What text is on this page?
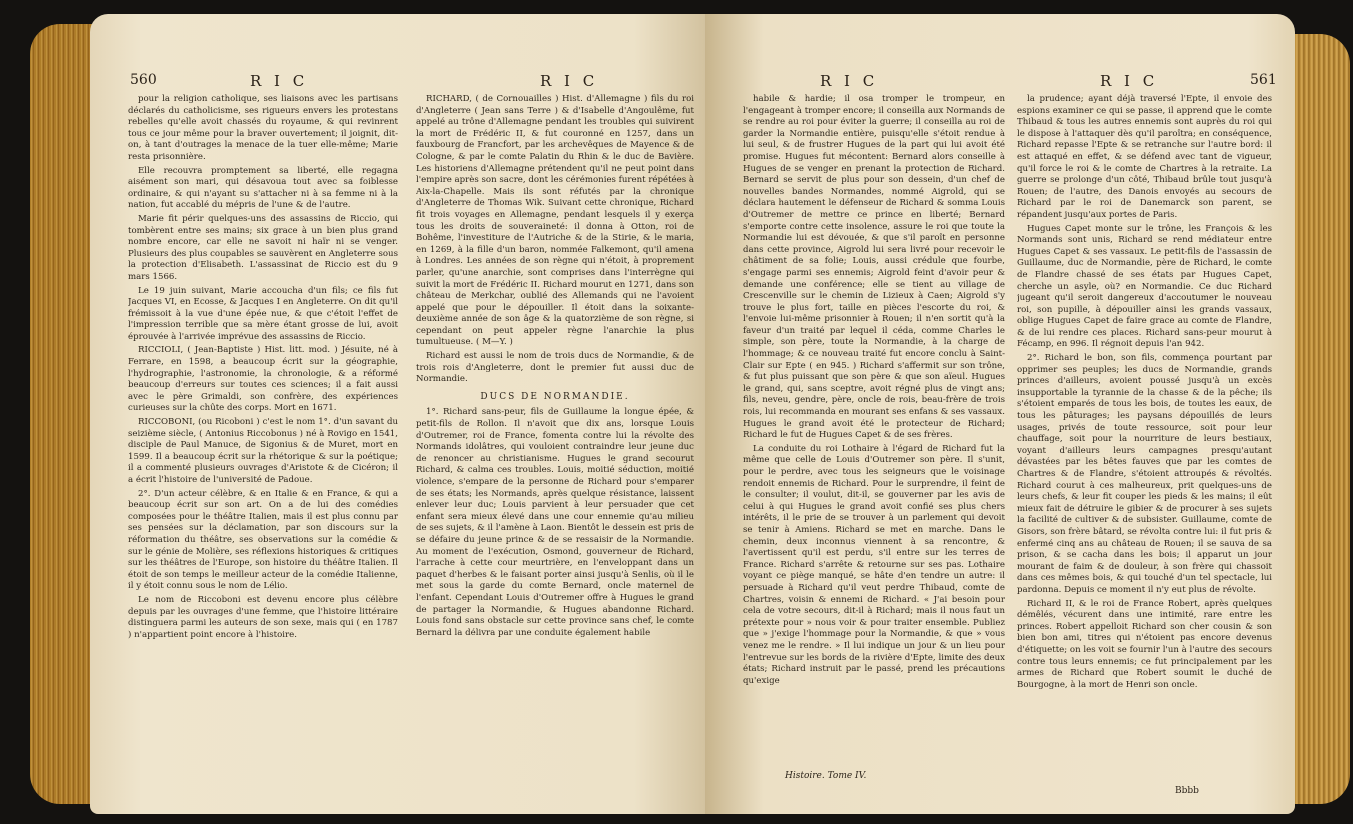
560	R I C	R I C

pour la religion catholique, ses liaisons avec les partisans déclarés du catholicisme, ses rigueurs envers les protestans rebelles qu'elle avoit chassés du royaume, & qui revinrent tous ce jour même pour la braver ouvertement; il joignit, dit-on, à tant d'outrages la menace de la tuer elle-même; Marie resta prisonnière.

Elle recouvra promptement sa liberté, elle regagna aisément son mari, qui désavoua tout avec sa foiblesse ordinaire, & qui n'ayant su s'attacher ni à sa femme ni à la nation, fut accablé du mépris de l'une & de l'autre.

Marie fit périr quelques-uns des assassins de Riccio, qui tombèrent entre ses mains; six grace à un bien plus grand nombre encore, car elle ne savoit ni haïr ni se venger. Plusieurs des plus coupables se sauvèrent en Angleterre sous la protection d'Elisabeth. L'assassinat de Riccio est du 9 mars 1566.

Le 19 juin suivant, Marie accoucha d'un fils; ce fils fut Jacques VI, en Ecosse, & Jacques I en Angleterre. On dit qu'il frémissoit à la vue d'une épée nue, & que c'étoit l'effet de l'impression terrible que sa mère étant grosse de lui, avoit éprouvée à l'arrivée imprévue des assassins de Riccio.

RICCIOLI, ( Jean-Baptiste ) Hist. litt. mod. ) Jésuite, né à Ferrare, en 1598, a beaucoup écrit sur la géographie, l'hydrographie, l'astronomie, la chronologie, & a réformé beaucoup d'erreurs sur toutes ces sciences; il a fait aussi avec le père Grimaldi, son confrère, des expériences curieuses sur la chûte des corps. Mort en 1671.

RICCOBONI, (ou Ricoboni ) c'est le nom 1°. d'un savant du seizième siècle, ( Antonius Riccobonus ) né à Rovigo en 1541, disciple de Paul Manuce, de Sigonius & de Muret, mort en 1599. Il a beaucoup écrit sur la rhétorique & sur la poétique; il a commenté plusieurs ouvrages d'Aristote & de Cicéron; il a écrit l'histoire de l'université de Padoue.

2°. D'un acteur célèbre, & en Italie & en France, & qui a beaucoup écrit sur son art. On a de lui des comédies composées pour le théâtre Italien, mais il est plus connu par ses pensées sur la déclamation, par son discours sur la réformation du théâtre, ses observations sur la comédie & sur le génie de Molière, ses réflexions historiques & critiques sur les théâtres de l'Europe, son histoire du théâtre Italien. Il étoit de son temps le meilleur acteur de la comédie Italienne, il y étoit connu sous le nom de Lélio.

Le nom de Riccoboni est devenu encore plus célèbre depuis par les ouvrages d'une femme, que l'histoire littéraire distinguera parmi les auteurs de son sexe, mais qui ( en 1787 ) n'appartient point encore à l'histoire.

RICHARD, ( de Cornouailles ) Hist. d'Allemagne ) fils du roi d'Angleterre ( Jean sans Terre ) & d'Isabelle d'Angoulême, fut appelé au trône d'Allemagne pendant les troubles qui suivirent la mort de Frédéric II, & fut couronné en 1257, dans un fauxbourg de Francfort, par les archevêques de Mayence & de Cologne, & par le comte Palatin du Rhin & le duc de Bavière. Les historiens d'Allemagne prétendent qu'il ne peut point dans l'empire après son sacre, dont les cérémonies furent répétées à Aix-la-Chapelle. Mais ils sont réfutés par la chronique d'Angleterre de Thomas Wik. Suivant cette chronique, Richard fit trois voyages en Allemagne, pendant lesquels il y exerça tous les droits de souveraineté: il donna à Otton, roi de Bohême, l'investiture de l'Autriche & de la Stirie, & le maria, en 1269, à la fille d'un baron, nommée Falkemont, qu'il amena à Londres. Les années de son règne qui n'étoit, à proprement parler, qu'une anarchie, sont comprises dans l'interrègne qui suivit la mort de Frédéric II. Richard mourut en 1271, dans son château de Merkchar, oublié des Allemands qui ne l'avoient appelé que pour le dépouiller. Il étoit dans la soixante-deuxième année de son âge & la quatorzième de son règne, si cependant on peut appeler règne l'anarchie la plus tumultueuse. ( M—Y. )

Richard est aussi le nom de trois ducs de Normandie, & de trois rois d'Angleterre, dont le premier fut aussi duc de Normandie.

DUCS DE NORMANDIE.

1°. Richard sans-peur, fils de Guillaume la longue épée, & petit-fils de Rollon. Il n'avoit que dix ans, lorsque Louis d'Outremer, roi de France, fomenta contre lui la révolte des Normands idolâtres, qui vouloient contraindre leur jeune duc de renoncer au christianisme. Hugues le grand secourut Richard, & calma ces troubles. Louis, moitié séduction, moitié violence, s'empare de la personne de Richard pour s'emparer de ses états; les Normands, après quelque résistance, laissent enlever leur duc; Louis parvient à leur persuader que cet enfant sera mieux élevé dans une cour ennemie qu'au milieu de ses sujets, & il l'amène à Laon. Bientôt le dessein est pris de se défaire du jeune prince & de se ressaisir de la Normandie. Au moment de l'exécution, Osmond, gouverneur de Richard, l'arrache à cette cour meurtrière, en l'enveloppant dans un paquet d'herbes & le faisant porter ainsi jusqu'à Senlis, où il le met sous la garde du comte Bernard, oncle maternel de l'enfant. Cependant Louis d'Outremer offre à Hugues le grand de partager la Normandie, & Hugues abandonne Richard. Louis fond sans obstacle sur cette province sans chef, le comte Bernard la délivra par une conduite également habile

R I C	R I C	561

habile & hardie; il osa tromper le trompeur, en l'engageant à tromper encore; il conseilla aux Normands de se rendre au roi pour éviter la guerre; il conseilla au roi de garder la Normandie entière, puisqu'elle s'étoit rendue à lui seul, & de frustrer Hugues de la part qui lui avoit été promise. Hugues fut mécontent: Bernard alors conseille à Hugues de se venger en prenant la protection de Richard. Bernard se servit de plus pour son dessein, d'un chef de nouvelles bandes Normandes, nommé Aigrold, qui se déclara hautement le défenseur de Richard & somma Louis d'Outremer de mettre ce prince en liberté; Bernard s'emporte contre cette insolence, assure le roi que toute la Normandie lui est dévouée, & que s'il paroît en personne dans cette province, Aigrold lui sera livré pour recevoir le châtiment de sa folie; Louis, aussi crédule que fourbe, s'engage parmi ses ennemis; Aigrold feint d'avoir peur & demande une conférence; elle se tient au village de Crescenville sur le chemin de Lizieux à Caen; Aigrold s'y trouve le plus fort, taille en pièces l'escorte du roi, & l'envoie lui-même prisonnier à Rouen; il n'en sortit qu'à la faveur d'un traité par lequel il céda, comme Charles le simple, son père, toute la Normandie, à la charge de l'hommage; & ce nouveau traité fut encore conclu à Saint-Clair sur Epte ( en 945. ) Richard s'affermit sur son trône, & fut plus puissant que son père & que son aïeul. Hugues le grand, qui, sans sceptre, avoit régné plus de vingt ans; fils, neveu, gendre, père, oncle de rois, beau-frère de trois rois, lui recommanda en mourant ses enfans & ses vassaux. Hugues le grand avoit été le protecteur de Richard; Richard le fut de Hugues Capet & de ses frères.

La conduite du roi Lothaire à l'égard de Richard fut la même que celle de Louis d'Outremer son père. Il s'unit, pour le perdre, avec tous les seigneurs que le voisinage rendoit ennemis de Richard. Pour le surprendre, il feint de le consulter; il voulut, dit-il, se gouverner par les avis de celui à qui Hugues le grand avoit confié ses plus chers intérêts, il le prie de se trouver à un parlement qui devoit se tenir à Amiens. Richard se met en marche. Dans le chemin, deux inconnus viennent à sa rencontre, & l'avertissent qu'il est perdu, s'il entre sur les terres de France. Richard s'arrête & retourne sur ses pas. Lothaire voyant ce piège manqué, se hâte d'en tendre un autre: il persuade à Richard qu'il veut perdre Thibaud, comte de Chartres, voisin & ennemi de Richard. « J'ai besoin pour cela de votre secours, dit-il à Richard; mais il nous faut un prétexte pour » nous voir & pour traiter ensemble. Publiez que » j'exige l'hommage pour la Normandie, & que » vous venez me le rendre. » Il lui indique un jour & un lieu pour l'entrevue sur les bords de la rivière d'Epte, limite des deux états; Richard instruit par le passé, prend les précautions qu'exige

la prudence; ayant déjà traversé l'Epte, il envoie des espions examiner ce qui se passe, il apprend que le comte Thibaud & tous les autres ennemis sont auprès du roi qui le dispose à l'attaquer dès qu'il paroîtra; en conséquence, Richard repasse l'Epte & se retranche sur l'autre bord: il est attaqué en effet, & se défend avec tant de vigueur, qu'il force le roi & le comte de Chartres à la retraite. La guerre se prolonge d'un côté, Thibaud brûle tout jusqu'à Rouen; de l'autre, des Danois envoyés au secours de Richard par le roi de Danemarck son parent, se répandent jusqu'aux portes de Paris.

Hugues Capet monte sur le trône, les François & les Normands sont unis, Richard se rend médiateur entre Hugues Capet & ses vassaux. Le petit-fils de l'assassin de Guillaume, duc de Normandie, père de Richard, le comte de Flandre chassé de ses états par Hugues Capet, cherche un asyle, où? en Normandie. Ce duc Richard jugeant qu'il seroit dangereux d'accoutumer le nouveau roi, son pupille, à dépouiller ainsi les grands vassaux, oblige Hugues Capet de faire grace au comte de Flandre, & de lui rendre ces places. Richard sans-peur mourut à Fécamp, en 996. Il régnoit depuis l'an 942.

2°. Richard le bon, son fils, commença pourtant par opprimer ses peuples; les ducs de Normandie, grands princes d'ailleurs, avoient poussé jusqu'à un excès insupportable la tyrannie de la chasse & de la pêche; ils s'étoient emparés de tous les bois, de toutes les eaux, de tous les pâturages; les paysans dépouillés de leurs usages, privés de toute ressource, soit pour leur chauffage, soit pour la nourriture de leurs bestiaux, voyant d'ailleurs leurs campagnes presqu'autant dévastées par les bêtes fauves que par les comtes de Chartres & de Flandre, s'étoient attroupés & révoltés. Richard courut à ces malheureux, prit quelques-uns de leurs chefs, & leur fit couper les pieds & les mains; il eût mieux fait de détruire le gibier & de procurer à ses sujets la facilité de cultiver & de subsister. Guillaume, comte de Gisors, son frère bâtard, se révolta contre lui: il fut pris & enfermé cinq ans au château de Rouen; il se sauva de sa prison, & se cacha dans les bois; il apparut un jour mourant de faim & de douleur, à son frère qui chassoit dans ces mêmes bois, & qui touché d'un tel spectacle, lui pardonna. Depuis ce moment il n'y eut plus de révolte.

Richard II, & le roi de France Robert, après quelques démêlés, vécurent dans une intimité, rare entre les princes. Robert appelloit Richard son cher cousin & son bien bon ami, titres qui n'étoient pas encore devenus d'étiquette; on les voit se fournir l'un à l'autre des secours contre tous leurs ennemis; ce fut principalement par les armes de Richard que Robert soumit le duché de Bourgogne, à la mort de Henri son oncle.

Histoire. Tome IV.
Bbbb
